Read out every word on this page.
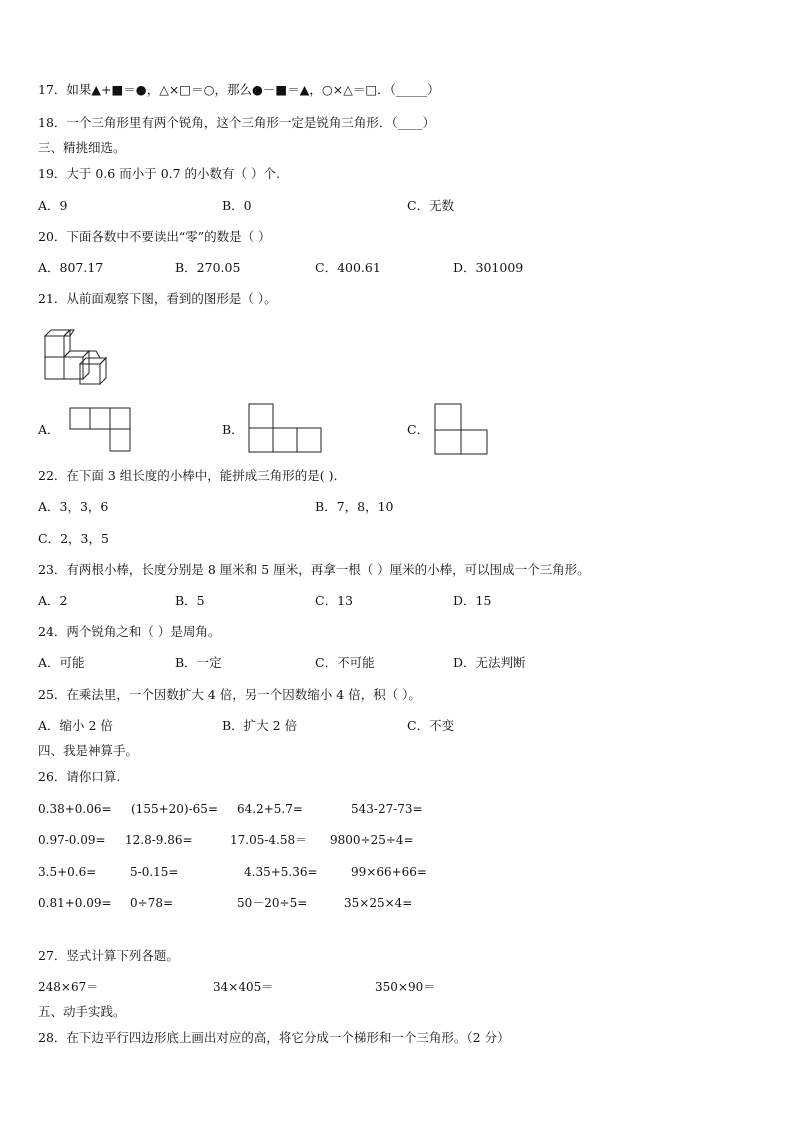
17．如果▲+■＝●，△×□＝○，那么●－■＝▲，○×△＝□．（_____）
18．一个三角形里有两个锐角，这个三角形一定是锐角三角形．（____）
三、精挑细选。
19．大于 0.6 而小于 0.7 的小数有（ ）个.
A．9	B．0	C．无数
20．下面各数中不要读出“零”的数是（ ）
A．807.17	B．270.05	C．400.61	D．301009
21．从前面观察下图，看到的图形是（ ）。
A．	B．	C．
22．在下面 3 组长度的小棒中，能拼成三角形的是( ).
A．3，3，6	B．7，8，10
C．2，3，5
23．有两根小棒，长度分别是 8 厘米和 5 厘米，再拿一根（ ）厘米的小棒，可以围成一个三角形。
A．2	B．5	C．13	D．15
24．两个锐角之和（ ）是周角。
A．可能	B．一定	C．不可能	D．无法判断
25．在乘法里，一个因数扩大 4 倍，另一个因数缩小 4 倍，积（ ）。
A．缩小 2 倍	B．扩大 2 倍	C．不变
四、我是神算手。
26．请你口算.
0.38+0.06= (155+20)-65= 64.2+5.7=	543-27-73=
0.97-0.09= 12.8-9.86=	17.05-4.58＝ 9800÷25÷4=
3.5+0.6=	5-0.15=	4.35+5.36=	99×66+66=
0.81+0.09= 0÷78=	50－20÷5=	35×25×4=
27．竖式计算下列各题。
248×67＝	34×405＝	350×90＝
五、动手实践。
28．在下边平行四边形底上画出对应的高，将它分成一个梯形和一个三角形。（2 分）
